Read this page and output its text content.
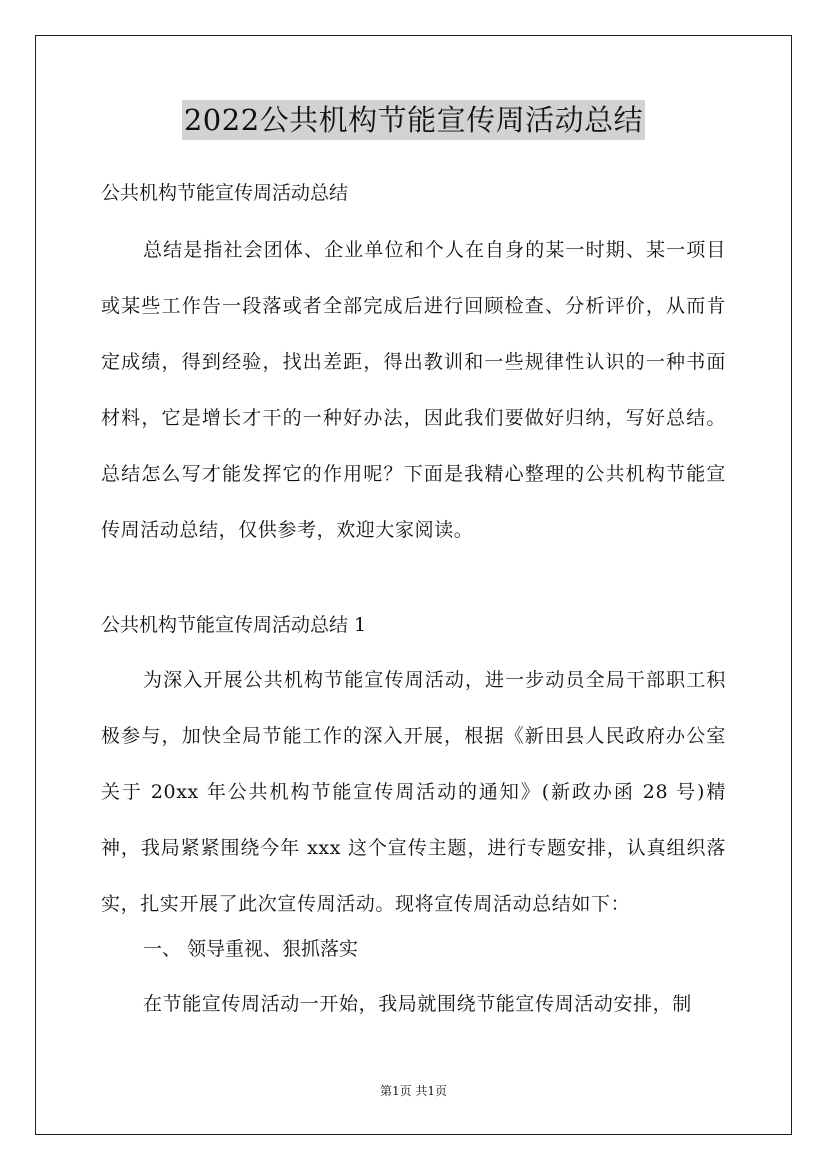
2022公共机构节能宣传周活动总结
公共机构节能宣传周活动总结

总结是指社会团体、企业单位和个人在自身的某一时期、某一项目或某些工作告一段落或者全部完成后进行回顾检查、分析评价，从而肯定成绩，得到经验，找出差距，得出教训和一些规律性认识的一种书面材料，它是增长才干的一种好办法，因此我们要做好归纳，写好总结。总结怎么写才能发挥它的作用呢？下面是我精心整理的公共机构节能宣传周活动总结，仅供参考，欢迎大家阅读。

公共机构节能宣传周活动总结 1

为深入开展公共机构节能宣传周活动，进一步动员全局干部职工积极参与，加快全局节能工作的深入开展，根据《新田县人民政府办公室关于 20xx 年公共机构节能宣传周活动的通知》(新政办函 28 号)精神，我局紧紧围绕今年 xxx 这个宣传主题，进行专题安排，认真组织落实，扎实开展了此次宣传周活动。现将宣传周活动总结如下：

一、 领导重视、狠抓落实

在节能宣传周活动一开始，我局就围绕节能宣传周活动安排，制

第1页 共1页
